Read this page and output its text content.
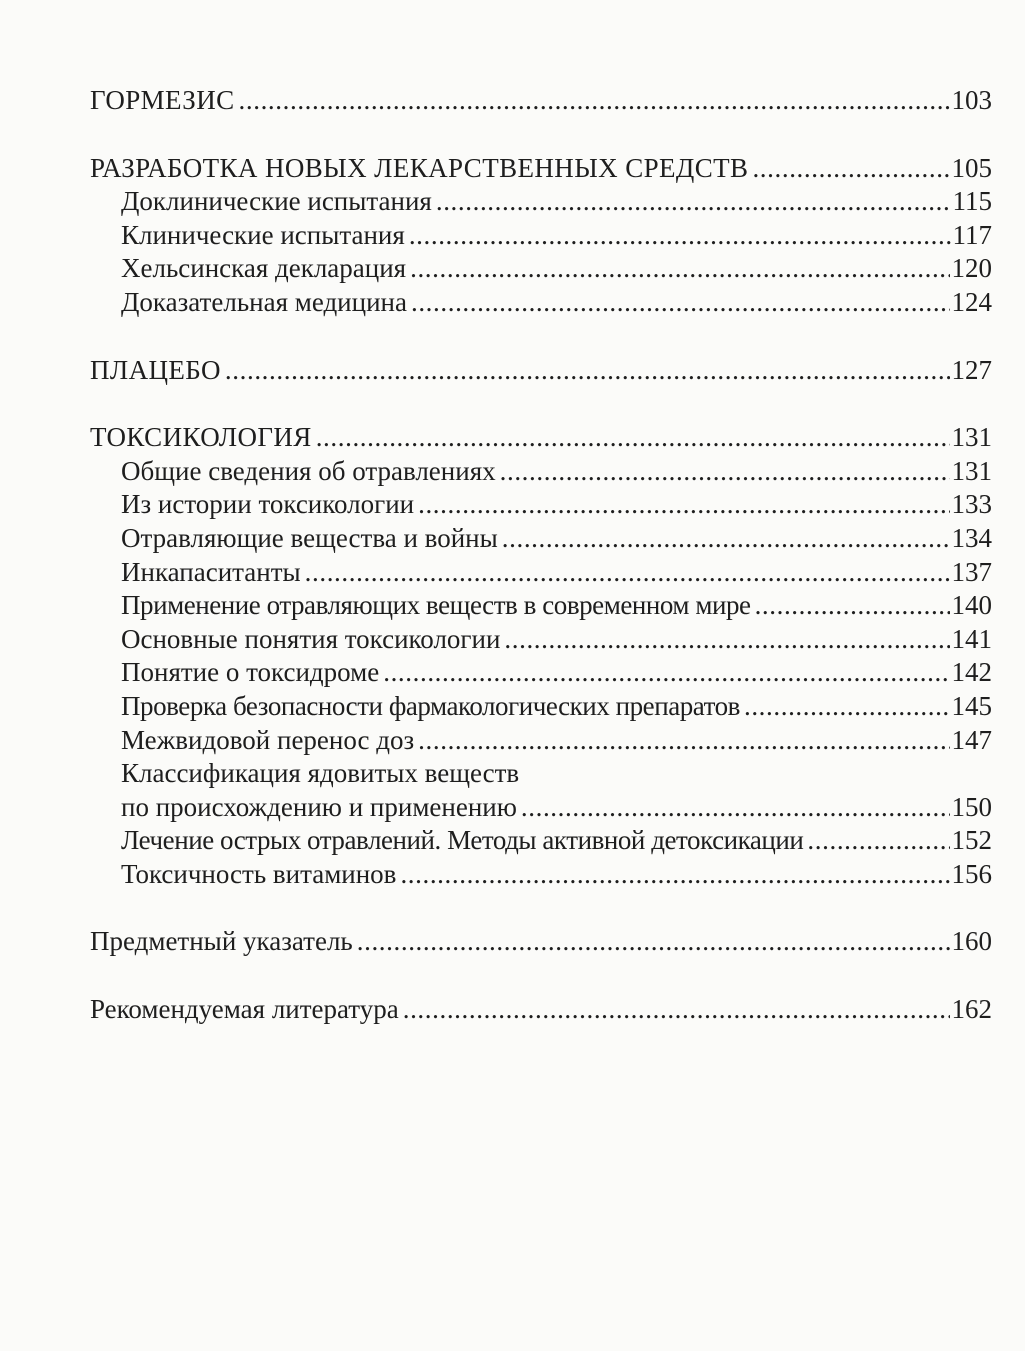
ГОРМЕЗИС .....	103
РАЗРАБОТКА НОВЫХ ЛЕКАРСТВЕННЫХ СРЕДСТВ .....	105
Доклинические испытания .....	115
Клинические испытания .....	117
Хельсинская декларация .....	120
Доказательная медицина .....	124
ПЛАЦЕБО .....	127
ТОКСИКОЛОГИЯ .....	131
Общие сведения об отравлениях .....	131
Из истории токсикологии .....	133
Отравляющие вещества и войны .....	134
Инкапаситанты .....	137
Применение отравляющих веществ в современном мире .....	140
Основные понятия токсикологии .....	141
Понятие о токсидроме .....	142
Проверка безопасности фармакологических препаратов .....	145
Межвидовой перенос доз .....	147
Классификация ядовитых веществ
по происхождению и применению .....	150
Лечение острых отравлений. Методы активной детоксикации .....	152
Токсичность витаминов .....	156
Предметный указатель .....	160
Рекомендуемая литература .....	162
